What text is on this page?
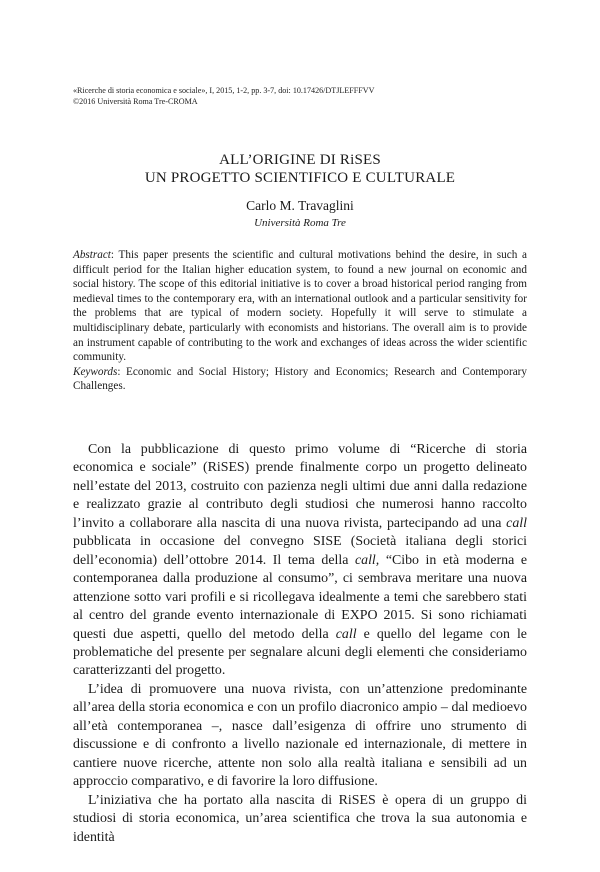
«Ricerche di storia economica e sociale», I, 2015, 1-2, pp. 3-7, doi: 10.17426/DTJLEFFFVV
©2016 Università Roma Tre-CROMA
ALL’ORIGINE DI RiSES
UN PROGETTO SCIENTIFICO E CULTURALE
Carlo M. Travaglini
Università Roma Tre

Abstract: This paper presents the scientific and cultural motivations behind the desire, in such a difficult period for the Italian higher education system, to found a new journal on economic and social history. The scope of this editorial initiative is to cover a broad historical period ranging from medieval times to the contemporary era, with an international outlook and a particular sensitivity for the problems that are typical of modern society. Hopefully it will serve to stimulate a multidisciplinary debate, particularly with economists and historians. The overall aim is to provide an instrument capable of contributing to the work and exchanges of ideas across the wider scientific community.

Keywords: Economic and Social History; History and Economics; Research and Contemporary Challenges.

Con la pubblicazione di questo primo volume di “Ricerche di storia economica e sociale” (RiSES) prende finalmente corpo un progetto delineato nell’estate del 2013, costruito con pazienza negli ultimi due anni dalla redazione e realizzato grazie al contributo degli studiosi che numerosi hanno raccolto l’invito a collaborare alla nascita di una nuova rivista, partecipando ad una call pubblicata in occasione del convegno SISE (Società italiana degli storici dell’economia) dell’ottobre 2014. Il tema della call, “Cibo in età moderna e contemporanea dalla produzione al consumo”, ci sembrava meritare una nuova attenzione sotto vari profili e si ricollegava idealmente a temi che sarebbero stati al centro del grande evento internazionale di EXPO 2015. Si sono richiamati questi due aspetti, quello del metodo della call e quello del legame con le problematiche del presente per segnalare alcuni degli elementi che consideriamo caratterizzanti del progetto.

L’idea di promuovere una nuova rivista, con un’attenzione predominante all’area della storia economica e con un profilo diacronico ampio – dal medioevo all’età contemporanea –, nasce dall’esigenza di offrire uno strumento di discussione e di confronto a livello nazionale ed internazionale, di mettere in cantiere nuove ricerche, attente non solo alla realtà italiana e sensibili ad un approccio comparativo, e di favorire la loro diffusione.

L’iniziativa che ha portato alla nascita di RiSES è opera di un gruppo di studiosi di storia economica, un’area scientifica che trova la sua autonomia e identità
